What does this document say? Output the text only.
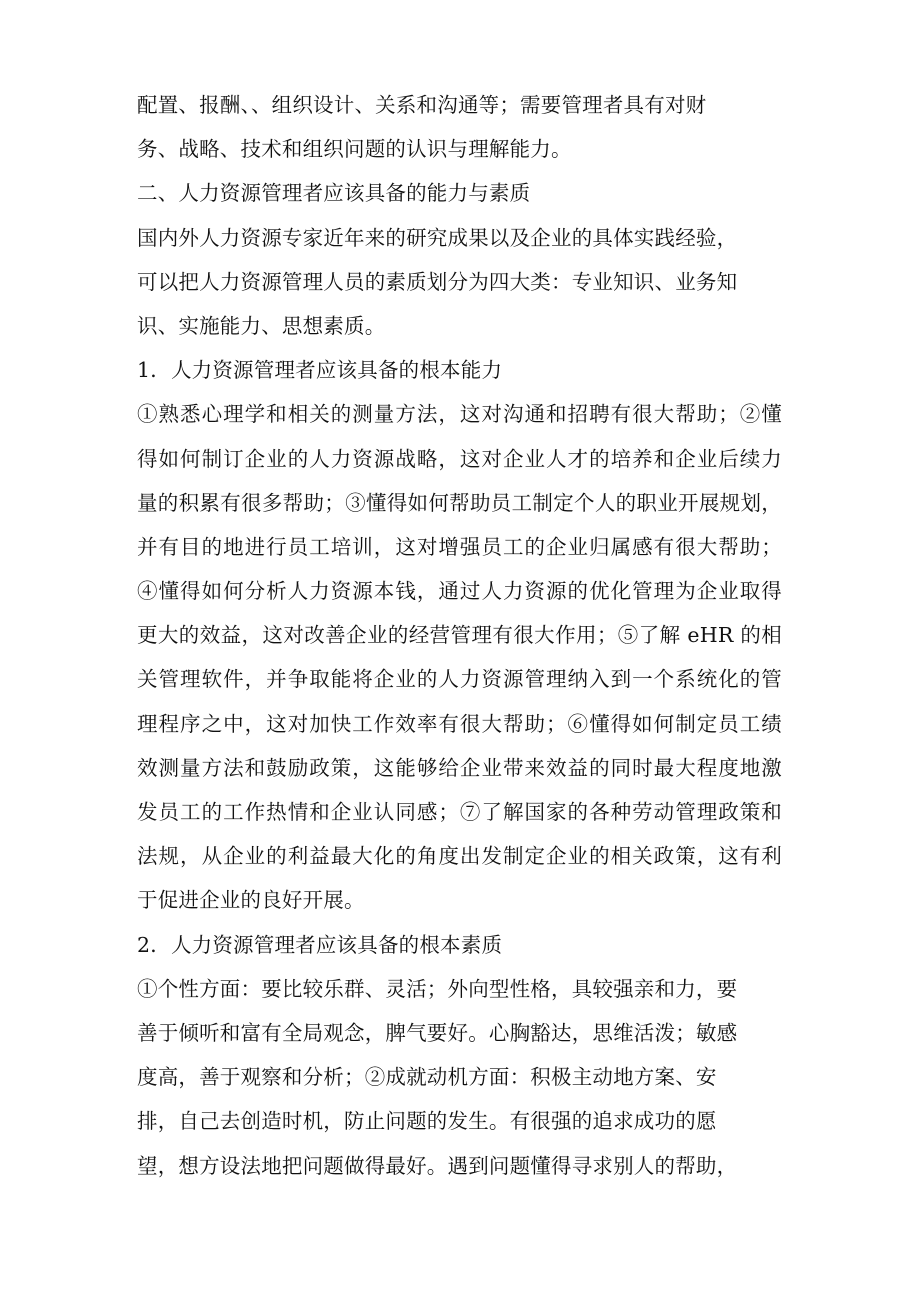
配置、报酬、、组织设计、关系和沟通等；需要管理者具有对财
务、战略、技术和组织问题的认识与理解能力。
二、人力资源管理者应该具备的能力与素质
国内外人力资源专家近年来的研究成果以及企业的具体实践经验，
可以把人力资源管理人员的素质划分为四大类：专业知识、业务知
识、实施能力、思想素质。
1．人力资源管理者应该具备的根本能力
①熟悉心理学和相关的测量方法，这对沟通和招聘有很大帮助；②懂
得如何制订企业的人力资源战略，这对企业人才的培养和企业后续力
量的积累有很多帮助；③懂得如何帮助员工制定个人的职业开展规划，
并有目的地进行员工培训，这对增强员工的企业归属感有很大帮助；
④懂得如何分析人力资源本钱，通过人力资源的优化管理为企业取得
更大的效益，这对改善企业的经营管理有很大作用；⑤了解 eHR 的相
关管理软件，并争取能将企业的人力资源管理纳入到一个系统化的管
理程序之中，这对加快工作效率有很大帮助；⑥懂得如何制定员工绩
效测量方法和鼓励政策，这能够给企业带来效益的同时最大程度地激
发员工的工作热情和企业认同感；⑦了解国家的各种劳动管理政策和
法规，从企业的利益最大化的角度出发制定企业的相关政策，这有利
于促进企业的良好开展。
2．人力资源管理者应该具备的根本素质
①个性方面：要比较乐群、灵活；外向型性格，具较强亲和力，要
善于倾听和富有全局观念，脾气要好。心胸豁达，思维活泼；敏感
度高，善于观察和分析；②成就动机方面：积极主动地方案、安
排，自己去创造时机，防止问题的发生。有很强的追求成功的愿
望，想方设法地把问题做得最好。遇到问题懂得寻求别人的帮助，
